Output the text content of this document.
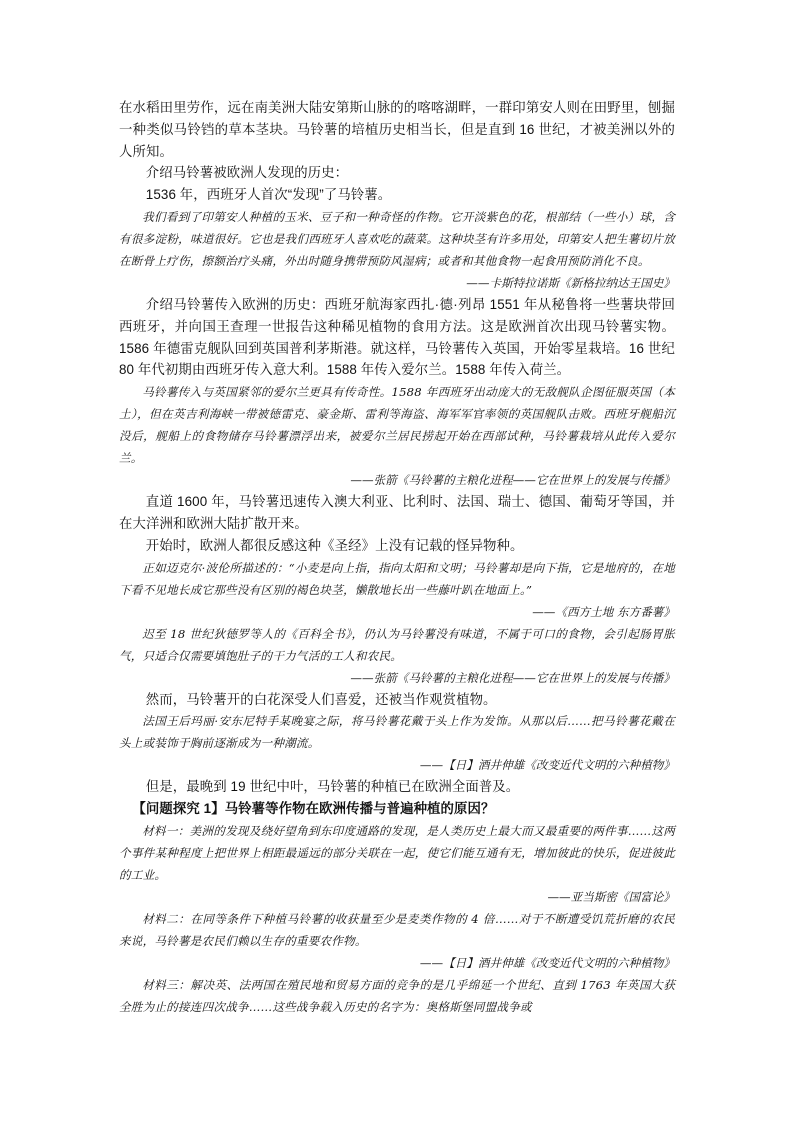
在水稻田里劳作，远在南美洲大陆安第斯山脉的的喀喀湖畔，一群印第安人则在田野里，刨掘一种类似马铃铛的草本茎块。马铃薯的培植历史相当长，但是直到 16 世纪，才被美洲以外的人所知。

介绍马铃薯被欧洲人发现的历史：

1536 年，西班牙人首次“发现”了马铃薯。

我们看到了印第安人种植的玉米、豆子和一种奇怪的作物。它开淡紫色的花，根部结（一些小）球，含有很多淀粉，味道很好。它也是我们西班牙人喜欢吃的蔬菜。这种块茎有许多用处，印第安人把生薯切片放在断骨上疗伤，擦额治疗头痛，外出时随身携带预防风湿病；或者和其他食物一起食用预防消化不良。

——卡斯特拉诺斯《新格拉纳达王国史》

介绍马铃薯传入欧洲的历史：西班牙航海家西扎·德·列昂 1551 年从秘鲁将一些薯块带回西班牙，并向国王查理一世报告这种稀见植物的食用方法。这是欧洲首次出现马铃薯实物。1586 年德雷克舰队回到英国普利茅斯港。就这样，马铃薯传入英国，开始零星栽培。16 世纪 80 年代初期由西班牙传入意大利。1588 年传入爱尔兰。1588 年传入荷兰。

马铃薯传入与英国紧邻的爱尔兰更具有传奇性。1588 年西班牙出动庞大的无敌舰队企图征服英国（本土），但在英吉利海峡一带被德雷克、豪金斯、雷利等海盗、海军军官率领的英国舰队击败。西班牙舰船沉没后，舰船上的食物储存马铃薯漂浮出来，被爱尔兰居民捞起开始在西部试种，马铃薯栽培从此传入爱尔兰。

——张箭《马铃薯的主粮化进程——它在世界上的发展与传播》

直道 1600 年，马铃薯迅速传入澳大利亚、比利时、法国、瑞士、德国、葡萄牙等国，并在大洋洲和欧洲大陆扩散开来。

开始时，欧洲人都很反感这种《圣经》上没有记载的怪异物种。

正如迈克尔·波伦所描述的：“小麦是向上指，指向太阳和文明；马铃薯却是向下指，它是地府的，在地下看不见地长成它那些没有区别的褐色块茎，懒散地长出一些藤叶趴在地面上。”

——《西方土地 东方番薯》

迟至 18 世纪狄德罗等人的《百科全书》，仍认为马铃薯没有味道，不属于可口的食物，会引起肠胃胀气，只适合仅需要填饱肚子的干力气活的工人和农民。

——张箭《马铃薯的主粮化进程——它在世界上的发展与传播》

然而，马铃薯开的白花深受人们喜爱，还被当作观赏植物。

法国王后玛丽·安东尼特手某晚宴之际，将马铃薯花戴于头上作为发饰。从那以后……把马铃薯花戴在头上或装饰于胸前逐渐成为一种潮流。

——【日】酒井伸雄《改变近代文明的六种植物》

但是，最晚到 19 世纪中叶，马铃薯的种植已在欧洲全面普及。

【问题探究 1】马铃薯等作物在欧洲传播与普遍种植的原因？

材料一：美洲的发现及绕好望角到东印度通路的发现，是人类历史上最大而又最重要的两件事……这两个事件某种程度上把世界上相距最遥远的部分关联在一起，使它们能互通有无，增加彼此的快乐，促进彼此的工业。

——亚当斯密《国富论》

材料二：在同等条件下种植马铃薯的收获量至少是麦类作物的 4 倍……对于不断遭受饥荒折磨的农民来说，马铃薯是农民们赖以生存的重要农作物。

——【日】酒井伸雄《改变近代文明的六种植物》

材料三：解决英、法两国在殖民地和贸易方面的竞争的是几乎绵延一个世纪、直到 1763 年英国大获全胜为止的接连四次战争……这些战争载入历史的名字为：奥格斯堡同盟战争或
